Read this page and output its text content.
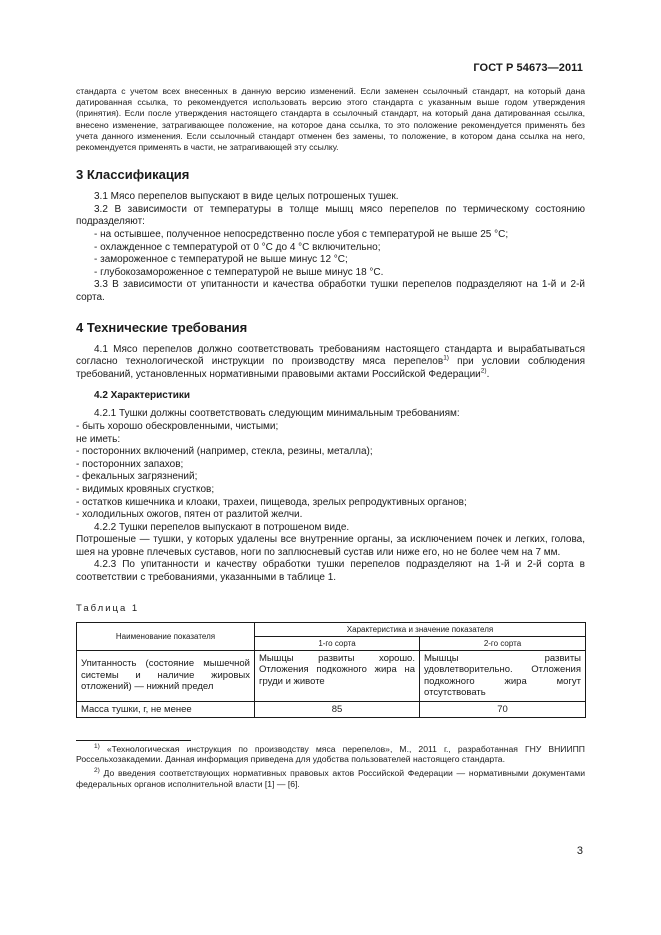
ГОСТ Р 54673—2011

стандарта с учетом всех внесенных в данную версию изменений. Если заменен ссылочный стандарт, на который дана датированная ссылка, то рекомендуется использовать версию этого стандарта с указанным выше годом утверждения (принятия). Если после утверждения настоящего стандарта в ссылочный стандарт, на который дана датированная ссылка, внесено изменение, затрагивающее положение, на которое дана ссылка, то это положение рекомендуется применять без учета данного изменения. Если ссылочный стандарт отменен без замены, то положение, в котором дана ссылка на него, рекомендуется применять в части, не затрагивающей эту ссылку.

3 Классификация

3.1 Мясо перепелов выпускают в виде целых потрошеных тушек.

3.2 В зависимости от температуры в толще мышц мясо перепелов по термическому состоянию подразделяют:

- на остывшее, полученное непосредственно после убоя с температурой не выше 25 °С;
- охлажденное с температурой от 0 °С до 4 °С включительно;
- замороженное с температурой не выше минус 12 °С;
- глубокозамороженное с температурой не выше минус 18 °С.

3.3 В зависимости от упитанности и качества обработки тушки перепелов подразделяют на 1-й и 2-й сорта.

4 Технические требования

4.1 Мясо перепелов должно соответствовать требованиям настоящего стандарта и вырабатываться согласно технологической инструкции по производству мяса перепелов$^{1)}$ при условии соблюдения требований, установленных нормативными правовыми актами Российской Федерации$^{2)}$.

4.2 Характеристики

4.2.1 Тушки должны соответствовать следующим минимальным требованиям:

- быть хорошо обескровленными, чистыми;

не иметь:

- посторонних включений (например, стекла, резины, металла);
- посторонних запахов;
- фекальных загрязнений;
- видимых кровяных сгустков;
- остатков кишечника и клоаки, трахеи, пищевода, зрелых репродуктивных органов;
- холодильных ожогов, пятен от разлитой желчи.

4.2.2 Тушки перепелов выпускают в потрошеном виде.

Потрошеные — тушки, у которых удалены все внутренние органы, за исключением почек и легких, голова, шея на уровне плечевых суставов, ноги по заплюсневый сустав или ниже его, но не более чем на 7 мм.

4.2.3 По упитанности и качеству обработки тушки перепелов подразделяют на 1-й и 2-й сорта в соответствии с требованиями, указанными в таблице 1.

Таблица 1
Наименование показателя	Характеристика и значение показателя	
	1-го сорта	2-го сорта
Упитанность (состояние мышечной системы и наличие жировых отложений) — нижний предел	Мышцы развиты хорошо. Отложения подкожного жира на груди и животе	Мышцы развиты удовлетворительно. Отложения подкожного жира могут отсутствовать
Масса тушки, г, не менее	85	70

$^{1)}$ «Технологическая инструкция по производству мяса перепелов», М., 2011 г., разработанная ГНУ ВНИИПП Россельхозакадемии. Данная информация приведена для удобства пользователей настоящего стандарта.

$^{2)}$ До введения соответствующих нормативных правовых актов Российской Федерации — нормативными документами федеральных органов исполнительной власти [1] — [6].

3
